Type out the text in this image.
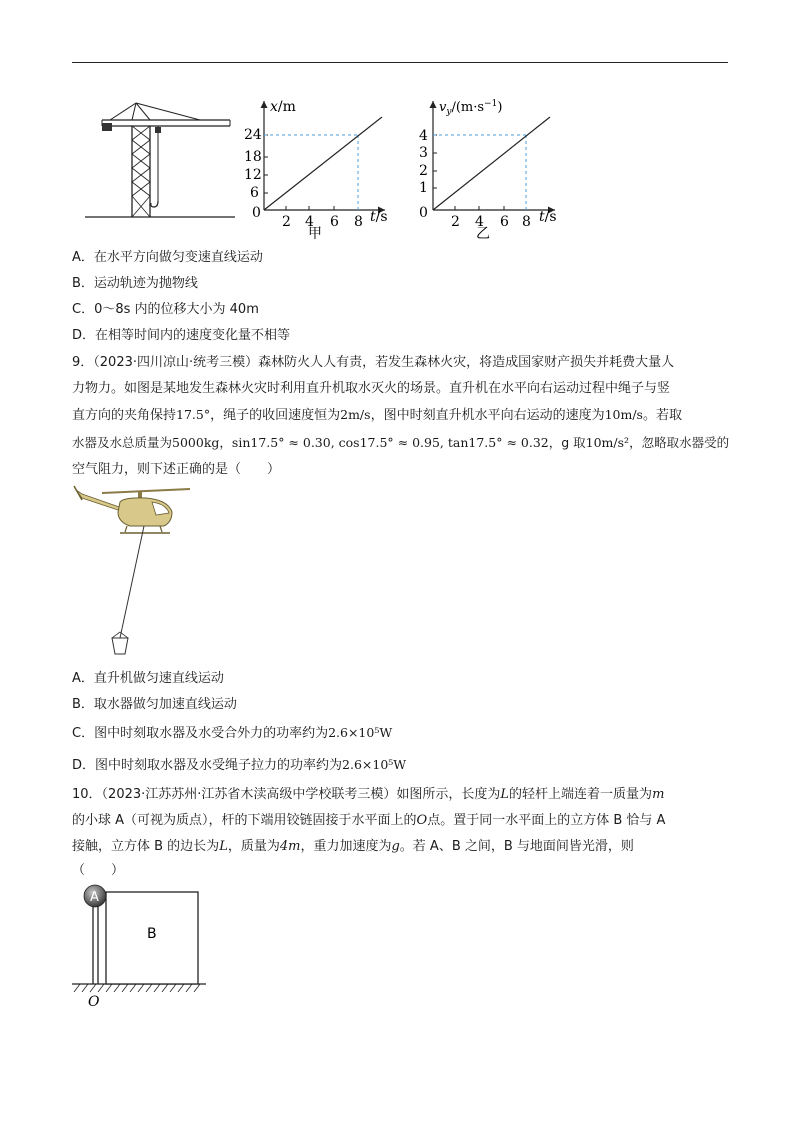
24
18
12
6
0
2 4 6 8 t/s
x/m
甲
4
3
2
1
0
2 4 6 8 t/s
$v_y/(m\cdot s^{-1})$
乙
A．在水平方向做匀变速直线运动
B．运动轨迹为抛物线
C．0～8s 内的位移大小为 40m
D．在相等时间内的速度变化量不相等
9．（2023·四川凉山·统考三模）森林防火人人有责，若发生森林火灾，将造成国家财产损失并耗费大量人
力物力。如图是某地发生森林火灾时利用直升机取水灭火的场景。直升机在水平向右运动过程中绳子与竖
直方向的夹角保持17.5°，绳子的收回速度恒为2m/s，图中时刻直升机水平向右运动的速度为10m/s。若取
水器及水总质量为5000kg，sin17.5° ≈ 0.30, cos17.5° ≈ 0.95, tan17.5° ≈ 0.32，g 取10m/s²，忽略取水器受的
空气阻力，则下述正确的是（　　）
A．直升机做匀速直线运动
B．取水器做匀加速直线运动
C．图中时刻取水器及水受合外力的功率约为2.6×10⁵W
D．图中时刻取水器及水受绳子拉力的功率约为2.6×10⁵W
10．（2023·江苏苏州·江苏省木渎高级中学校联考三模）如图所示，长度为L的轻杆上端连着一质量为m
的小球 A（可视为质点），杆的下端用铰链固接于水平面上的O点。置于同一水平面上的立方体 B 恰与 A
接触，立方体 B 的边长为L，质量为4m，重力加速度为g。若 A、B 之间，B 与地面间皆光滑，则
（　　）
A
B
O
